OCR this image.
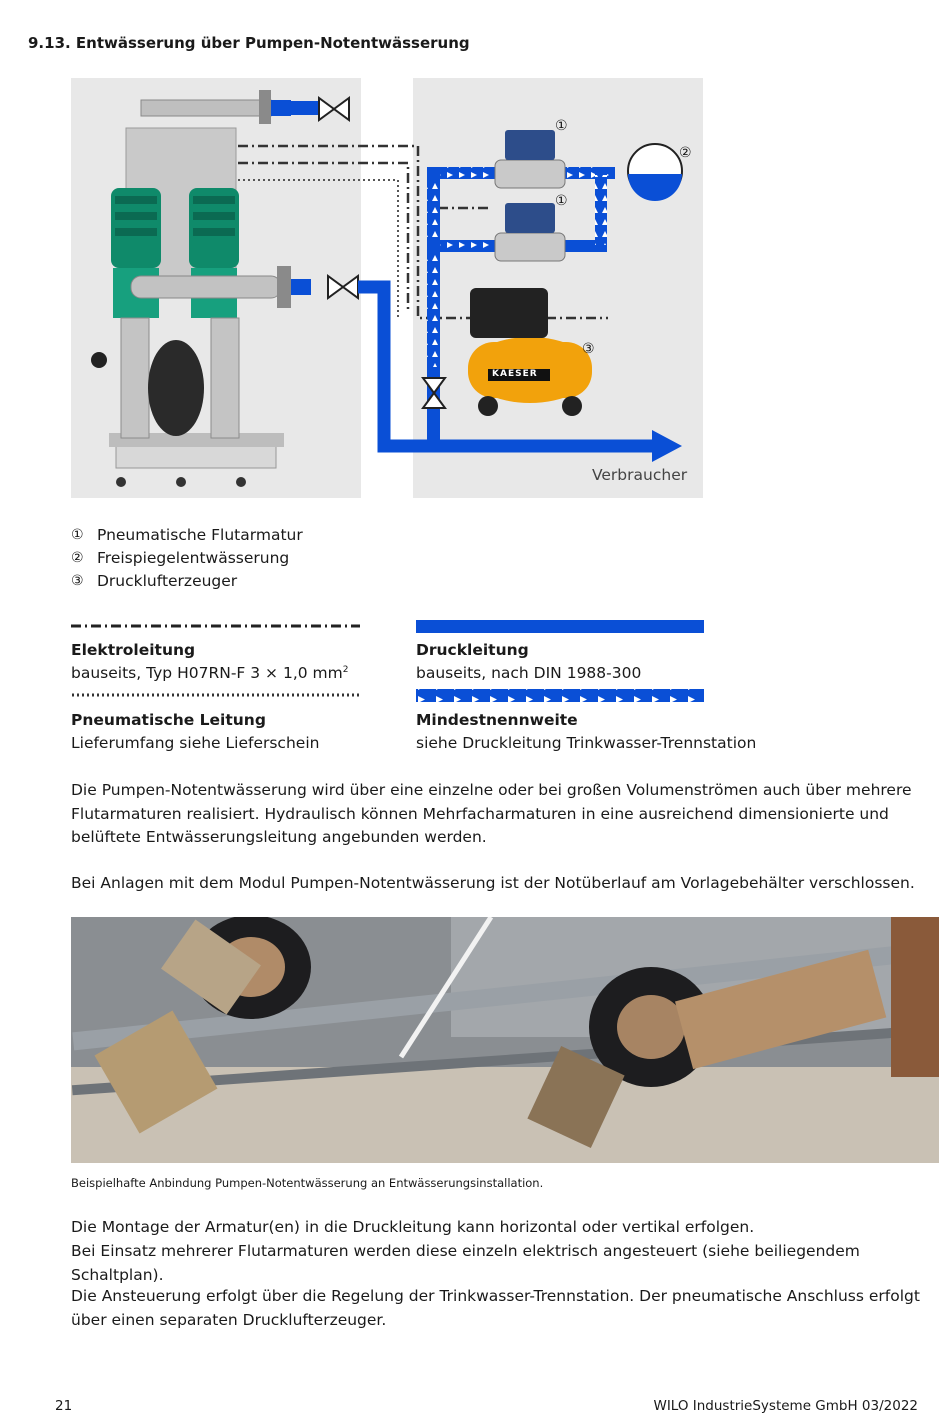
9.13. Entwässerung über Pumpen-Notentwässerung
①
②
①
③
KAESER
Verbraucher
① Pneumatische Flutarmatur
② Freispiegelentwässerung
③ Drucklufterzeuger
Elektroleitung
bauseits, Typ H07RN-F 3 × 1,0 $mm^2$
Druckleitung
bauseits, nach DIN 1988-300
Pneumatische Leitung
Lieferumfang siehe Lieferschein
Mindestnennweite
siehe Druckleitung Trinkwasser-Trennstation
Die Pumpen-Notentwässerung wird über eine einzelne oder bei großen Volumenströmen auch über mehrere Flutarmaturen realisiert. Hydraulisch können Mehrfacharmaturen in eine ausreichend dimensionierte und belüftete Entwässerungsleitung angebunden werden.
Bei Anlagen mit dem Modul Pumpen-Notentwässerung ist der Notüberlauf am Vorlagebehälter verschlossen.
Beispielhafte Anbindung Pumpen-Notentwässerung an Entwässerungsinstallation.
Die Montage der Armatur(en) in die Druckleitung kann horizontal oder vertikal erfolgen.
Bei Einsatz mehrerer Flutarmaturen werden diese einzeln elektrisch angesteuert (siehe beiliegendem Schaltplan).
Die Ansteuerung erfolgt über die Regelung der Trinkwasser-Trennstation. Der pneumatische Anschluss erfolgt über einen separaten Drucklufterzeuger.
21	WILO IndustrieSysteme GmbH 03/2022
